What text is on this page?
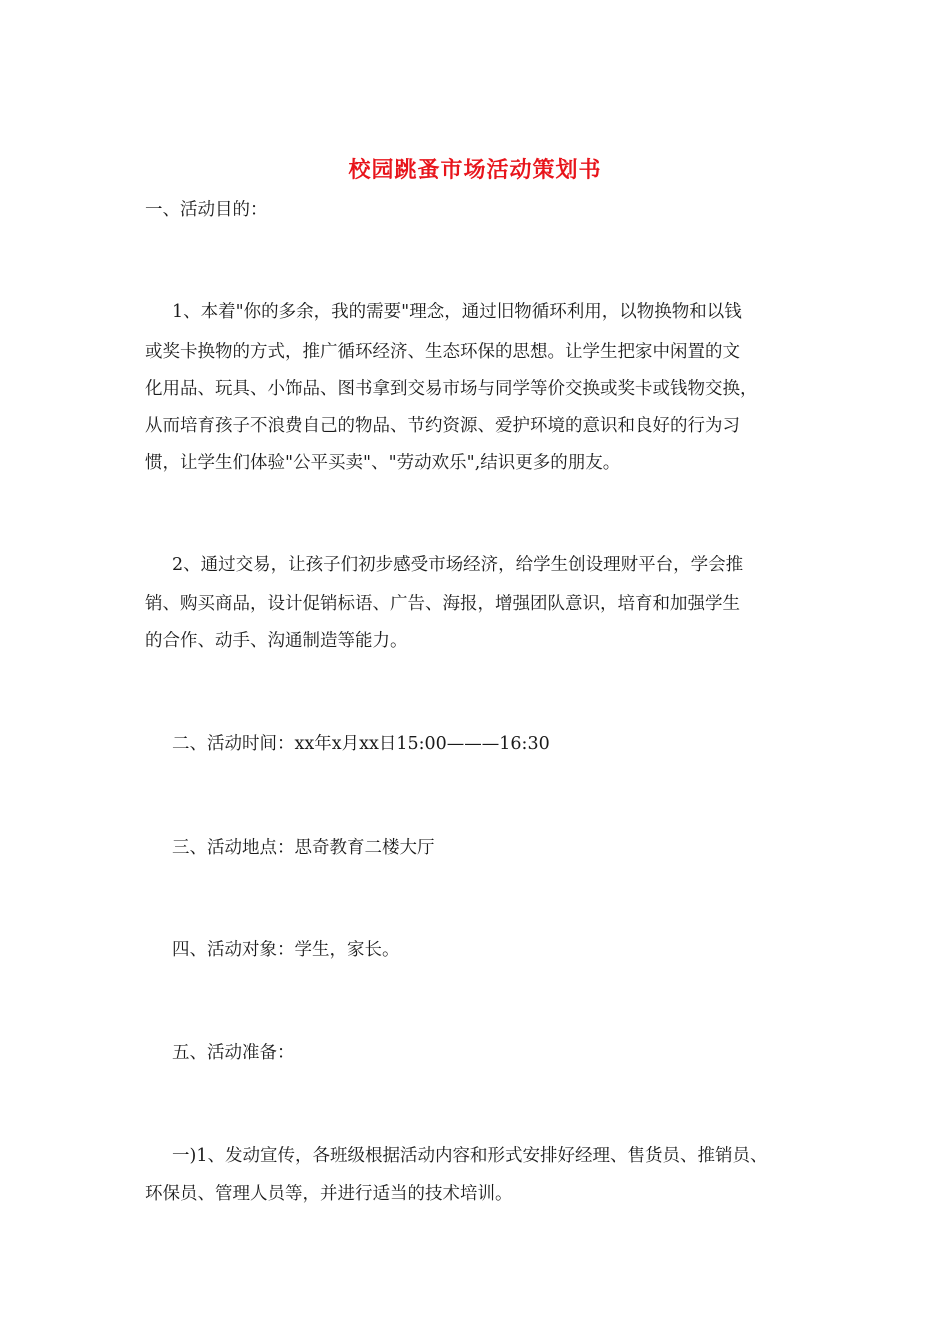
校园跳蚤市场活动策划书
一、活动目的：
1、本着"你的多余，我的需要"理念，通过旧物循环利用，以物换物和以钱
或奖卡换物的方式，推广循环经济、生态环保的思想。让学生把家中闲置的文
化用品、玩具、小饰品、图书拿到交易市场与同学等价交换或奖卡或钱物交换，
从而培育孩子不浪费自己的物品、节约资源、爱护环境的意识和良好的行为习
惯，让学生们体验"公平买卖"、"劳动欢乐",结识更多的朋友。
2、通过交易，让孩子们初步感受市场经济，给学生创设理财平台，学会推
销、购买商品，设计促销标语、广告、海报，增强团队意识，培育和加强学生
的合作、动手、沟通制造等能力。
二、活动时间：xx年x月xx日15:00———16:30
三、活动地点：思奇教育二楼大厅
四、活动对象：学生，家长。
五、活动准备：
一)1、发动宣传，各班级根据活动内容和形式安排好经理、售货员、推销员、
环保员、管理人员等，并进行适当的技术培训。
